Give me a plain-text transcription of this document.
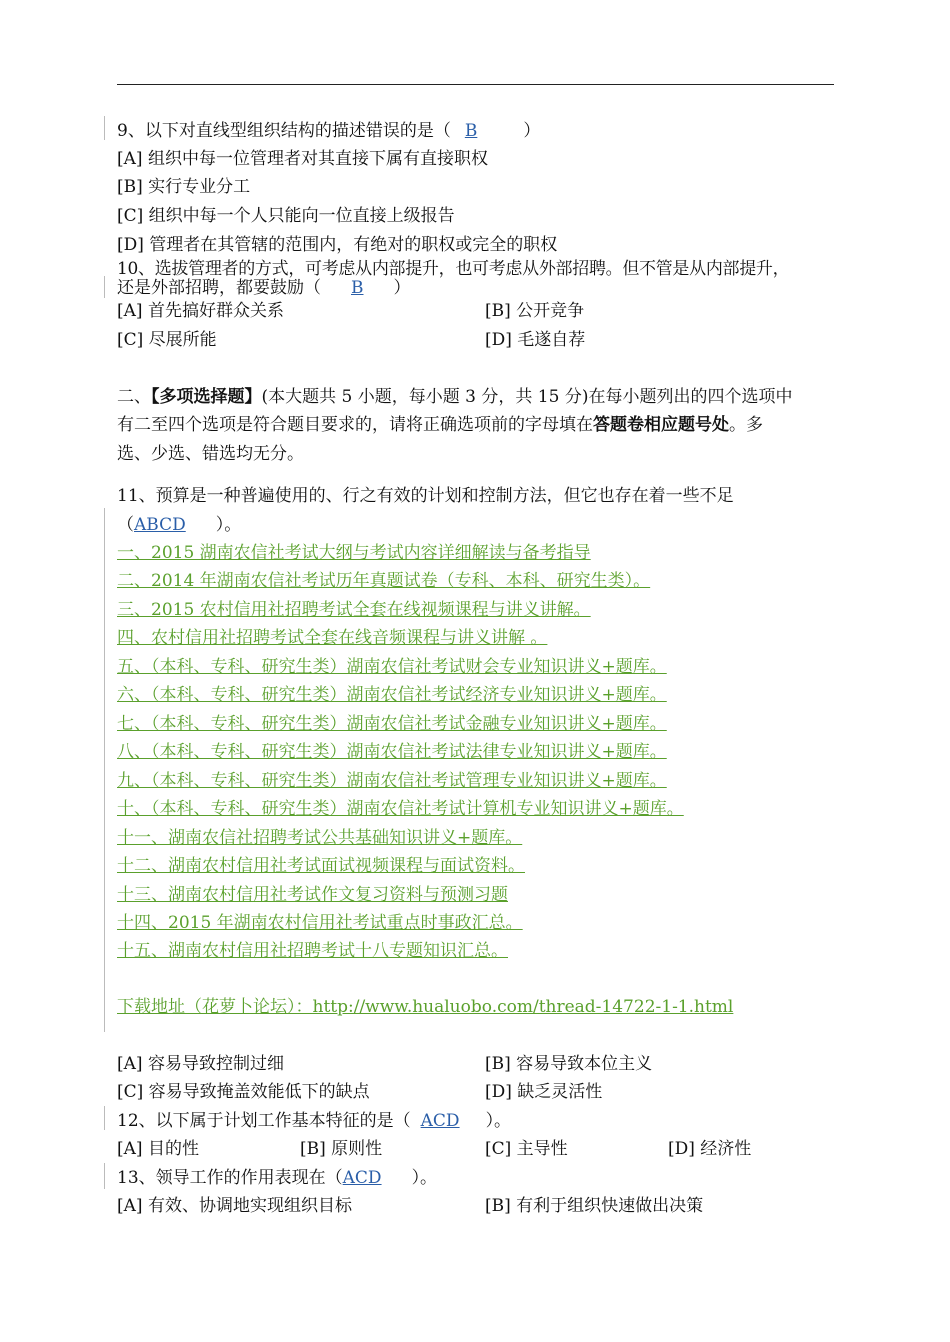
9、以下对直线型组织结构的描述错误的是（ B	）
[A] 组织中每一位管理者对其直接下属有直接职权
[B] 实行专业分工
[C] 组织中每一个人只能向一位直接上级报告
[D] 管理者在其管辖的范围内，有绝对的职权或完全的职权
10、选拔管理者的方式，可考虑从内部提升，也可考虑从外部招聘。但不管是从内部提升，
还是外部招聘，都要鼓励（ B ）
[A] 首先搞好群众关系	[B] 公开竞争
[C] 尽展所能	[D] 毛遂自荐
二、【多项选择题】(本大题共 5 小题，每小题 3 分，共 15 分)在每小题列出的四个选项中
有二至四个选项是符合题目要求的，请将正确选项前的字母填在答题卷相应题号处。多
选、少选、错选均无分。
11、预算是一种普遍使用的、行之有效的计划和控制方法，但它也存在着一些不足
（ABCD ）。
一、2015 湖南农信社考试大纲与考试内容详细解读与备考指导
二、2014 年湖南农信社考试历年真题试卷（专科、本科、研究生类）。
三、2015 农村信用社招聘考试全套在线视频课程与讲义讲解。
四、农村信用社招聘考试全套在线音频课程与讲义讲解 。
五、（本科、专科、研究生类）湖南农信社考试财会专业知识讲义+题库。
六、（本科、专科、研究生类）湖南农信社考试经济专业知识讲义+题库。
七、（本科、专科、研究生类）湖南农信社考试金融专业知识讲义+题库。
八、（本科、专科、研究生类）湖南农信社考试法律专业知识讲义+题库。
九、（本科、专科、研究生类）湖南农信社考试管理专业知识讲义+题库。
十、（本科、专科、研究生类）湖南农信社考试计算机专业知识讲义+题库。
十一、湖南农信社招聘考试公共基础知识讲义+题库。
十二、湖南农村信用社考试面试视频课程与面试资料。
十三、湖南农村信用社考试作文复习资料与预测习题
十四、2015 年湖南农村信用社考试重点时事政汇总。
十五、湖南农村信用社招聘考试十八专题知识汇总。
下载地址（花萝卜论坛）：http://www.hualuobo.com/thread-14722-1-1.html
[A] 容易导致控制过细	[B] 容易导致本位主义
[C] 容易导致掩盖效能低下的缺点	[D] 缺乏灵活性
12、以下属于计划工作基本特征的是（ ACD ）。
[A] 目的性	[B] 原则性	[C] 主导性	[D] 经济性
13、领导工作的作用表现在（ACD ）。
[A] 有效、协调地实现组织目标	[B] 有利于组织快速做出决策
